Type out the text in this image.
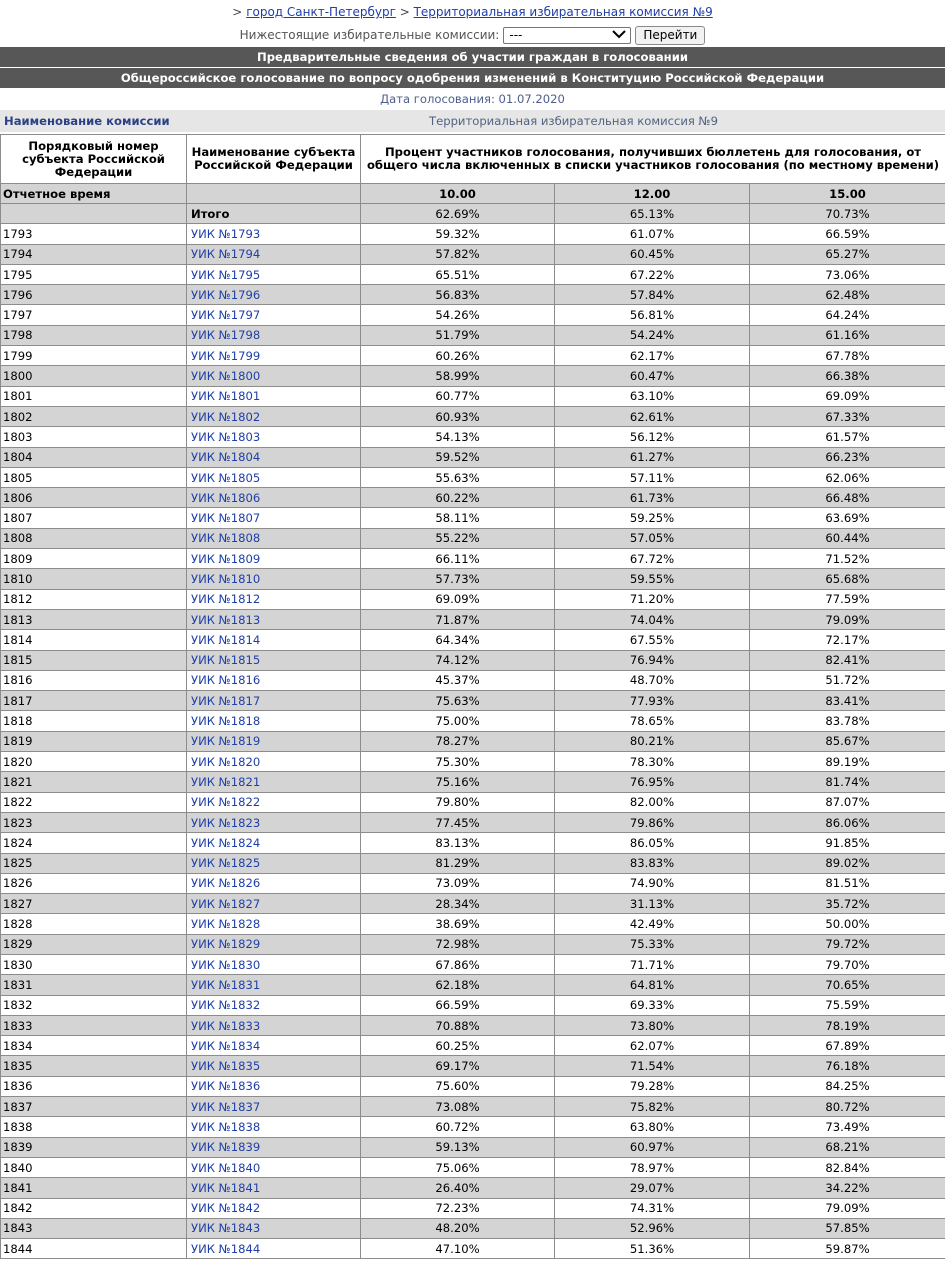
> город Санкт-Петербург > Территориальная избирательная комиссия №9
Нижестоящие избирательные комиссии: ---	Перейти
Предварительные сведения об участии граждан в голосовании
Общероссийское голосование по вопросу одобрения изменений в Конституцию Российской Федерации
Дата голосования: 01.07.2020
Наименование комиссии	Территориальная избирательная комиссия №9
Порядковый номер субъекта Российской Федерации	Наименование субъекта Российской Федерации	Процент участников голосования, получивших бюллетень для голосования, от общего числа включенных в списки участников голосования (по местному времени)		
Отчетное время		10.00	12.00	15.00
	Итого	62.69%	65.13%	70.73%
1793	УИК №1793	59.32%	61.07%	66.59%
1794	УИК №1794	57.82%	60.45%	65.27%
1795	УИК №1795	65.51%	67.22%	73.06%
1796	УИК №1796	56.83%	57.84%	62.48%
1797	УИК №1797	54.26%	56.81%	64.24%
1798	УИК №1798	51.79%	54.24%	61.16%
1799	УИК №1799	60.26%	62.17%	67.78%
1800	УИК №1800	58.99%	60.47%	66.38%
1801	УИК №1801	60.77%	63.10%	69.09%
1802	УИК №1802	60.93%	62.61%	67.33%
1803	УИК №1803	54.13%	56.12%	61.57%
1804	УИК №1804	59.52%	61.27%	66.23%
1805	УИК №1805	55.63%	57.11%	62.06%
1806	УИК №1806	60.22%	61.73%	66.48%
1807	УИК №1807	58.11%	59.25%	63.69%
1808	УИК №1808	55.22%	57.05%	60.44%
1809	УИК №1809	66.11%	67.72%	71.52%
1810	УИК №1810	57.73%	59.55%	65.68%
1812	УИК №1812	69.09%	71.20%	77.59%
1813	УИК №1813	71.87%	74.04%	79.09%
1814	УИК №1814	64.34%	67.55%	72.17%
1815	УИК №1815	74.12%	76.94%	82.41%
1816	УИК №1816	45.37%	48.70%	51.72%
1817	УИК №1817	75.63%	77.93%	83.41%
1818	УИК №1818	75.00%	78.65%	83.78%
1819	УИК №1819	78.27%	80.21%	85.67%
1820	УИК №1820	75.30%	78.30%	89.19%
1821	УИК №1821	75.16%	76.95%	81.74%
1822	УИК №1822	79.80%	82.00%	87.07%
1823	УИК №1823	77.45%	79.86%	86.06%
1824	УИК №1824	83.13%	86.05%	91.85%
1825	УИК №1825	81.29%	83.83%	89.02%
1826	УИК №1826	73.09%	74.90%	81.51%
1827	УИК №1827	28.34%	31.13%	35.72%
1828	УИК №1828	38.69%	42.49%	50.00%
1829	УИК №1829	72.98%	75.33%	79.72%
1830	УИК №1830	67.86%	71.71%	79.70%
1831	УИК №1831	62.18%	64.81%	70.65%
1832	УИК №1832	66.59%	69.33%	75.59%
1833	УИК №1833	70.88%	73.80%	78.19%
1834	УИК №1834	60.25%	62.07%	67.89%
1835	УИК №1835	69.17%	71.54%	76.18%
1836	УИК №1836	75.60%	79.28%	84.25%
1837	УИК №1837	73.08%	75.82%	80.72%
1838	УИК №1838	60.72%	63.80%	73.49%
1839	УИК №1839	59.13%	60.97%	68.21%
1840	УИК №1840	75.06%	78.97%	82.84%
1841	УИК №1841	26.40%	29.07%	34.22%
1842	УИК №1842	72.23%	74.31%	79.09%
1843	УИК №1843	48.20%	52.96%	57.85%
1844	УИК №1844	47.10%	51.36%	59.87%
